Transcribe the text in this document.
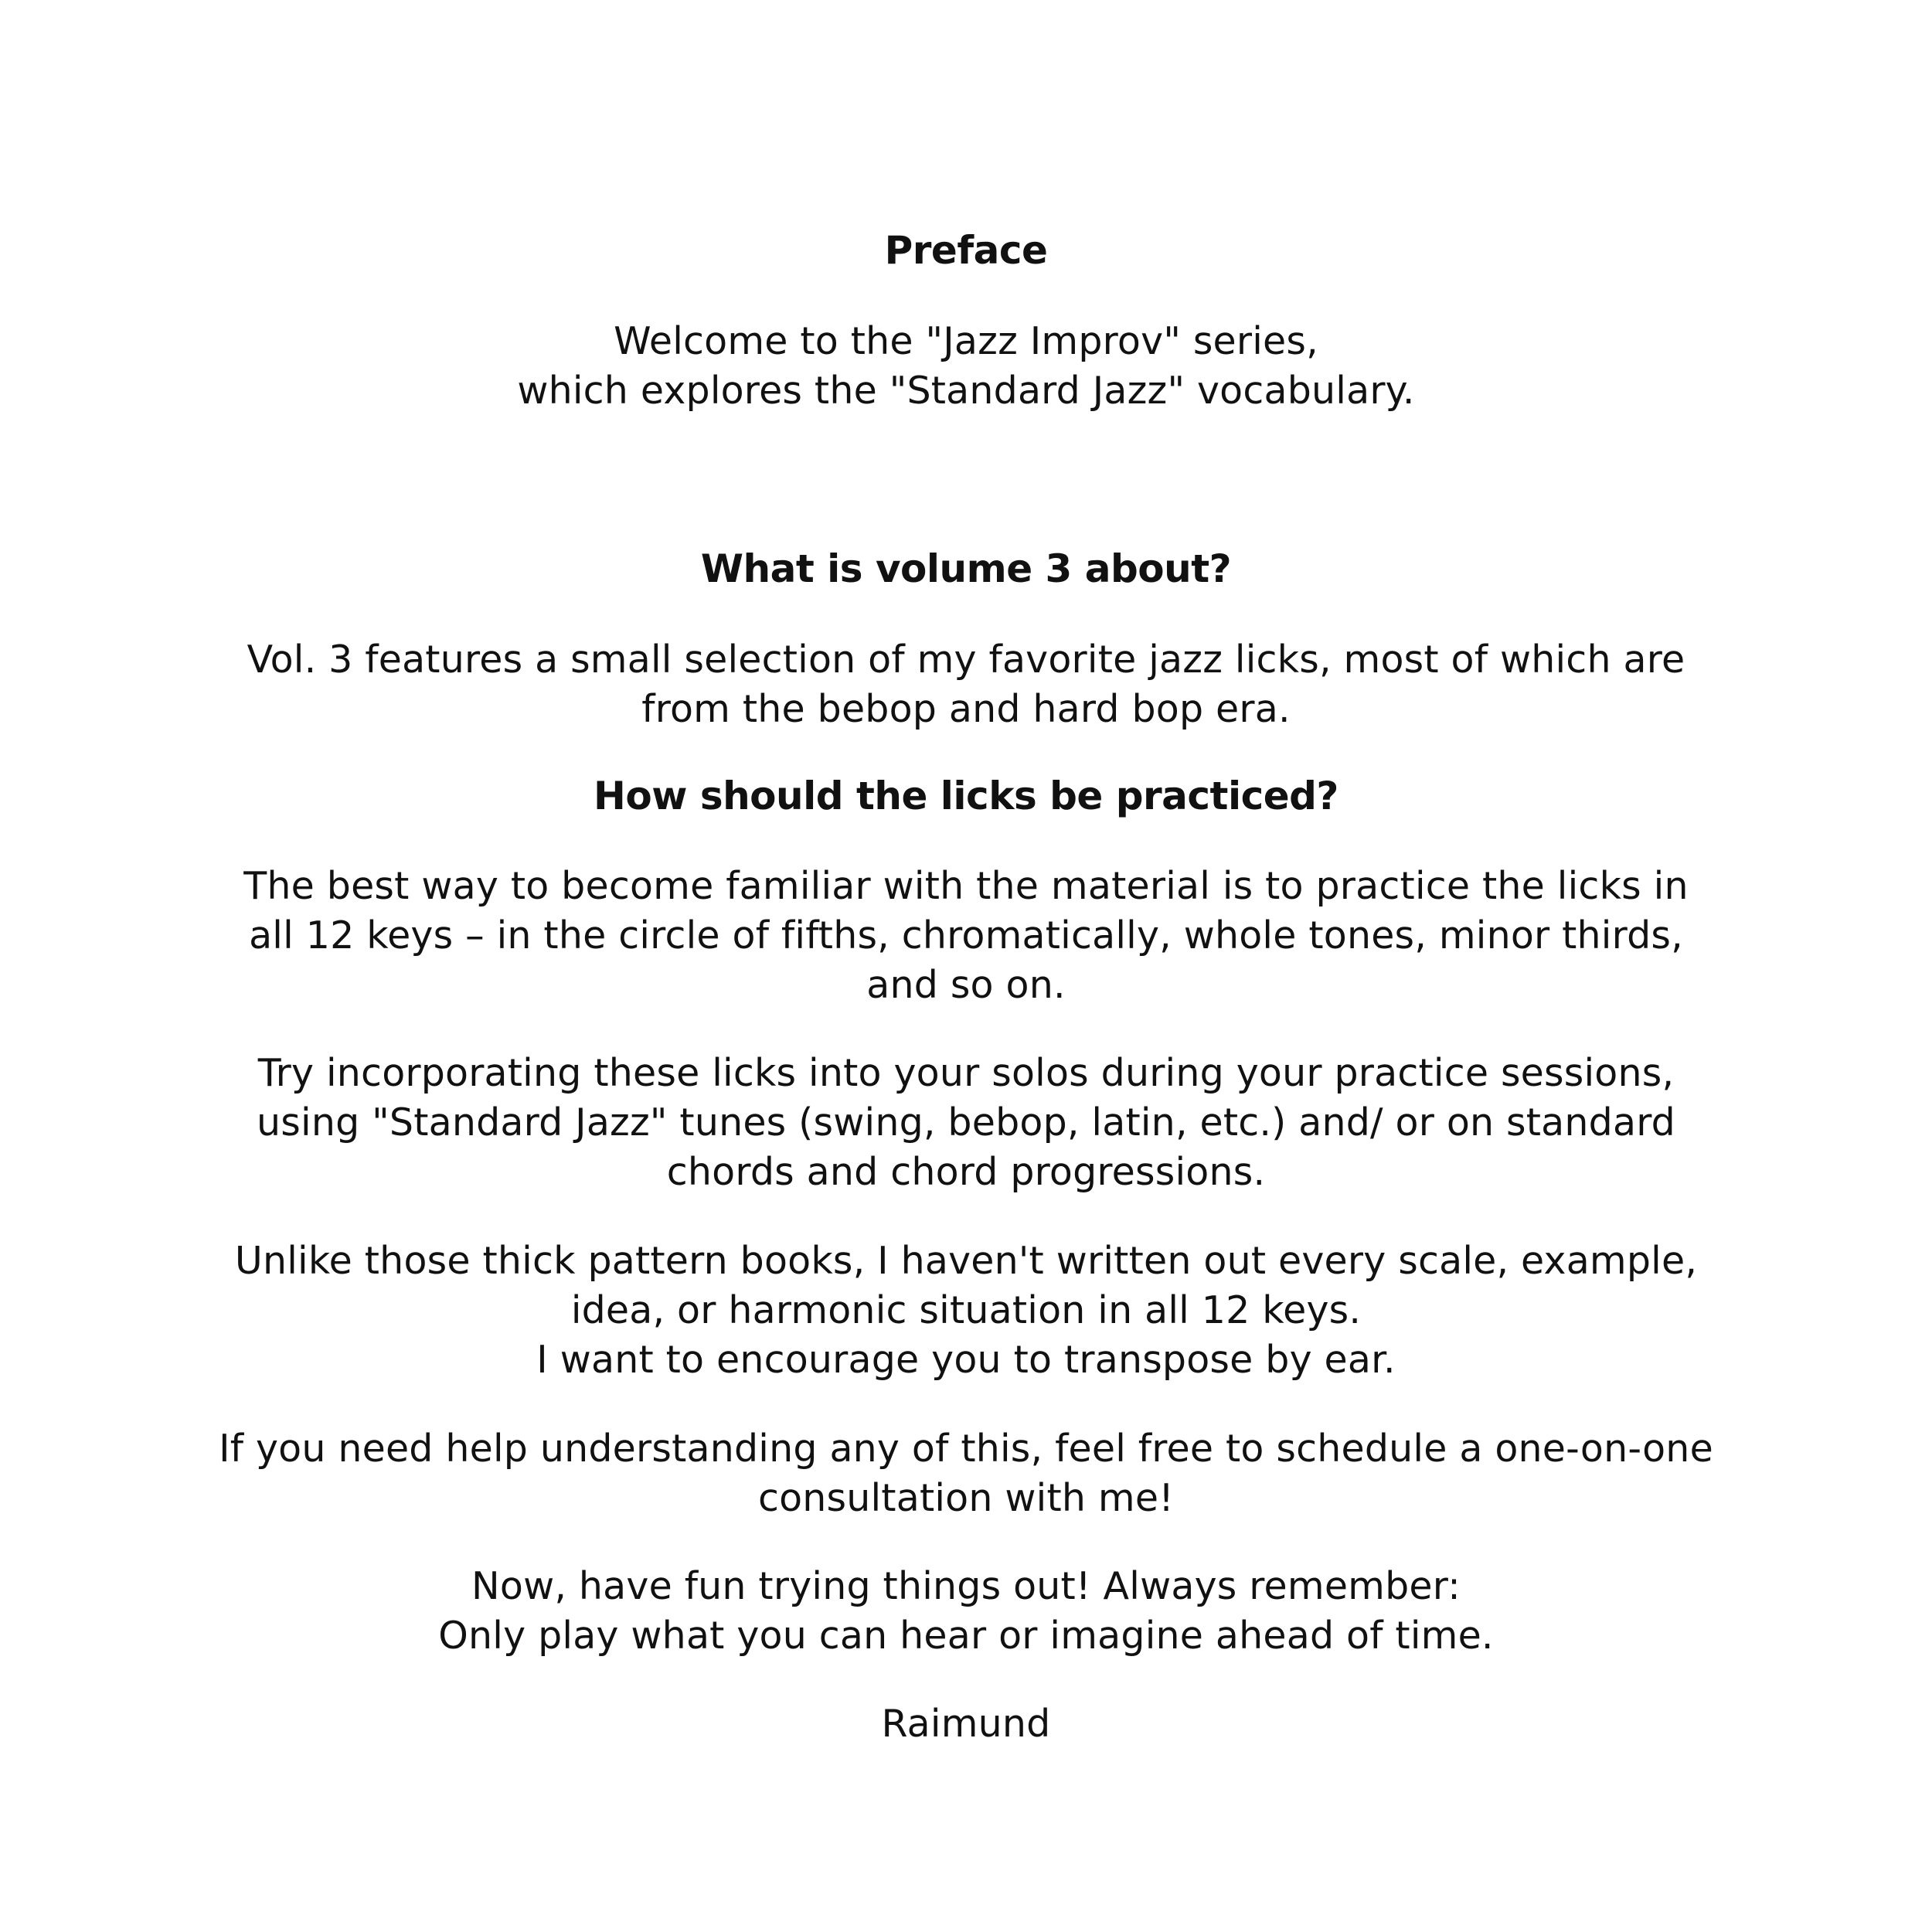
Preface
Welcome to the "Jazz Improv" series,
which explores the "Standard Jazz" vocabulary.
What is volume 3 about?
Vol. 3 features a small selection of my favorite jazz licks, most of which are
from the bebop and hard bop era.
How should the licks be practiced?
The best way to become familiar with the material is to practice the licks in
all 12 keys – in the circle of fifths, chromatically, whole tones, minor thirds,
and so on.
Try incorporating these licks into your solos during your practice sessions,
using "Standard Jazz" tunes (swing, bebop, latin, etc.) and/ or on standard
chords and chord progressions.
Unlike those thick pattern books, I haven't written out every scale, example,
idea, or harmonic situation in all 12 keys.
I want to encourage you to transpose by ear.
If you need help understanding any of this, feel free to schedule a one-on-one
consultation with me!
Now, have fun trying things out! Always remember:
Only play what you can hear or imagine ahead of time.
Raimund
